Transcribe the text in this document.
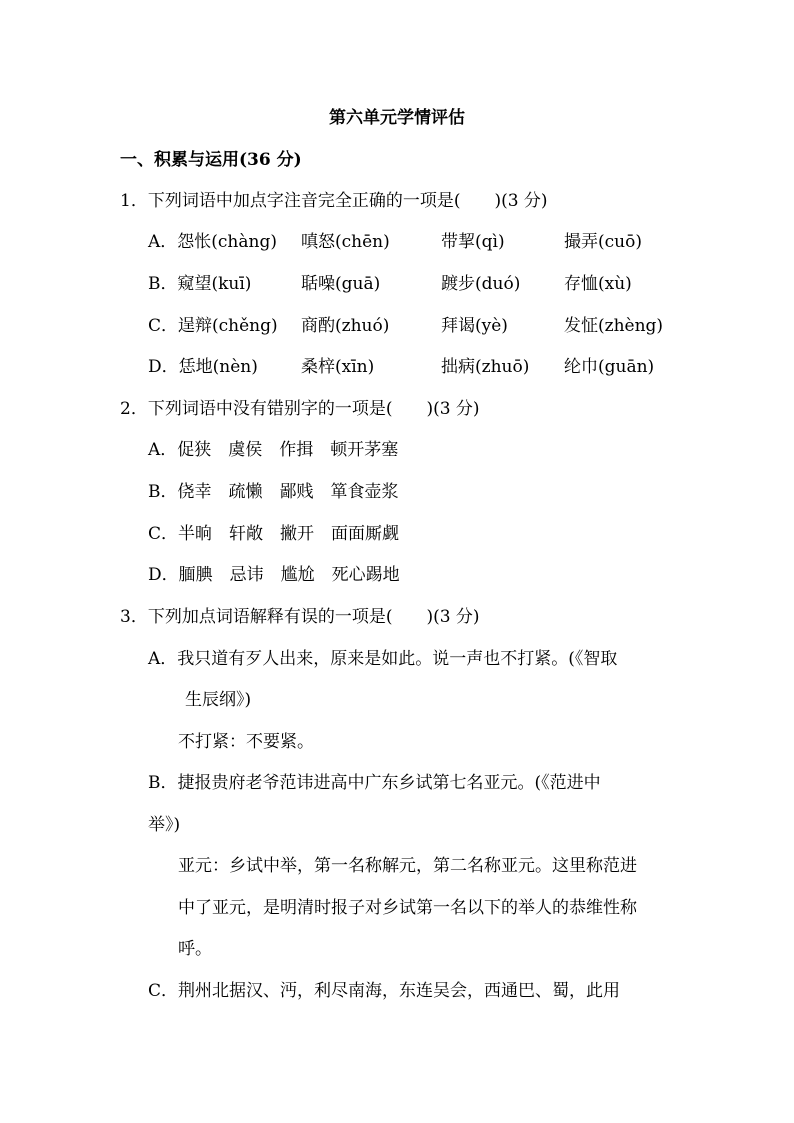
第六单元学情评估
一、积累与运用(36 分)
1．下列词语中加点字注音完全正确的一项是(　　)(3 分)
A．怨怅(chàng) 嗔怒(chēn)	带挈(qì)	撮弄(cuō)
B．窥望(kuī)	聒噪(guā)	踱步(duó)	存恤(xù)
C．逞辩(chěng) 商酌(zhuó)	拜谒(yè)	发怔(zhèng)
D．恁地(nèn)	桑梓(xīn)	拙病(zhuō) 纶巾(guān)
2．下列词语中没有错别字的一项是(　　)(3 分)
A．促狭　虞侯　作揖　顿开茅塞
B．侥幸　疏懒　鄙贱　箪食壶浆
C．半晌　轩敞　撇开　面面厮觑
D．腼腆　忌讳　尴尬　死心踢地
3．下列加点词语解释有误的一项是(　　)(3 分)
A．我只道有歹人出来，原来是如此。说一声也不打紧。(《智取
生辰纲》)
不打紧：不要紧。
B．捷报贵府老爷范讳进高中广东乡试第七名亚元。(《范进中
举》)
亚元：乡试中举，第一名称解元，第二名称亚元。这里称范进
中了亚元，是明清时报子对乡试第一名以下的举人的恭维性称
呼。
C．荆州北据汉、沔，利尽南海，东连吴会，西通巴、蜀，此用
